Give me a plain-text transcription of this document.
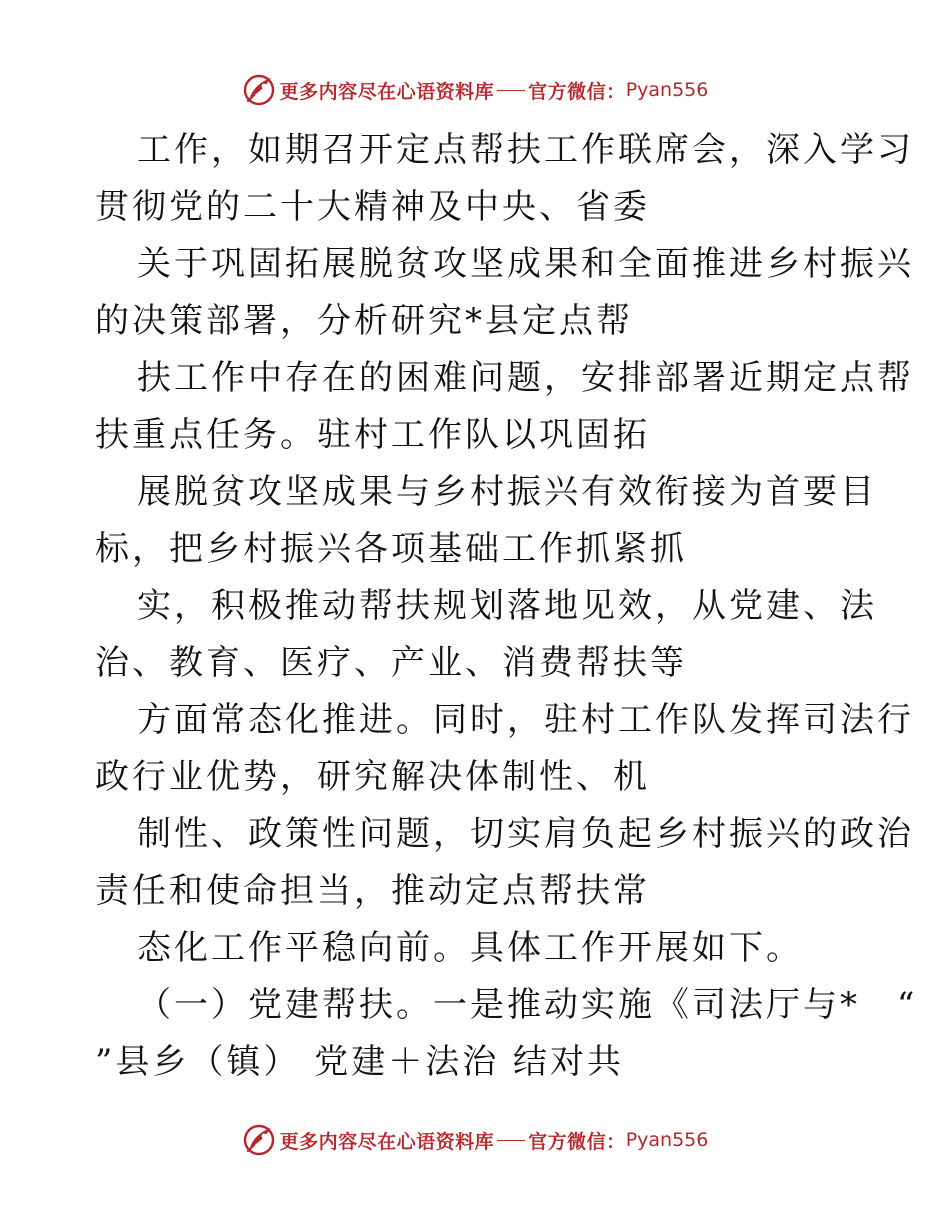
更多内容尽在心语资料库 官方微信： Pyan556
工作，如期召开定点帮扶工作联席会，深入学习
贯彻党的二十大精神及中央、省委
关于巩固拓展脱贫攻坚成果和全面推进乡村振兴
的决策部署，分析研究*县定点帮
扶工作中存在的困难问题，安排部署近期定点帮
扶重点任务。驻村工作队以巩固拓
展脱贫攻坚成果与乡村振兴有效衔接为首要目
标，把乡村振兴各项基础工作抓紧抓
实，积极推动帮扶规划落地见效，从党建、法
治、教育、医疗、产业、消费帮扶等
方面常态化推进。同时，驻村工作队发挥司法行
政行业优势，研究解决体制性、机
制性、政策性问题，切实肩负起乡村振兴的政治
责任和使命担当，推动定点帮扶常
态化工作平稳向前。具体工作开展如下。
（一）党建帮扶。一是推动实施《司法厅与*　“
”县乡（镇） 党建＋法治 结对共
更多内容尽在心语资料库 官方微信： Pyan556
